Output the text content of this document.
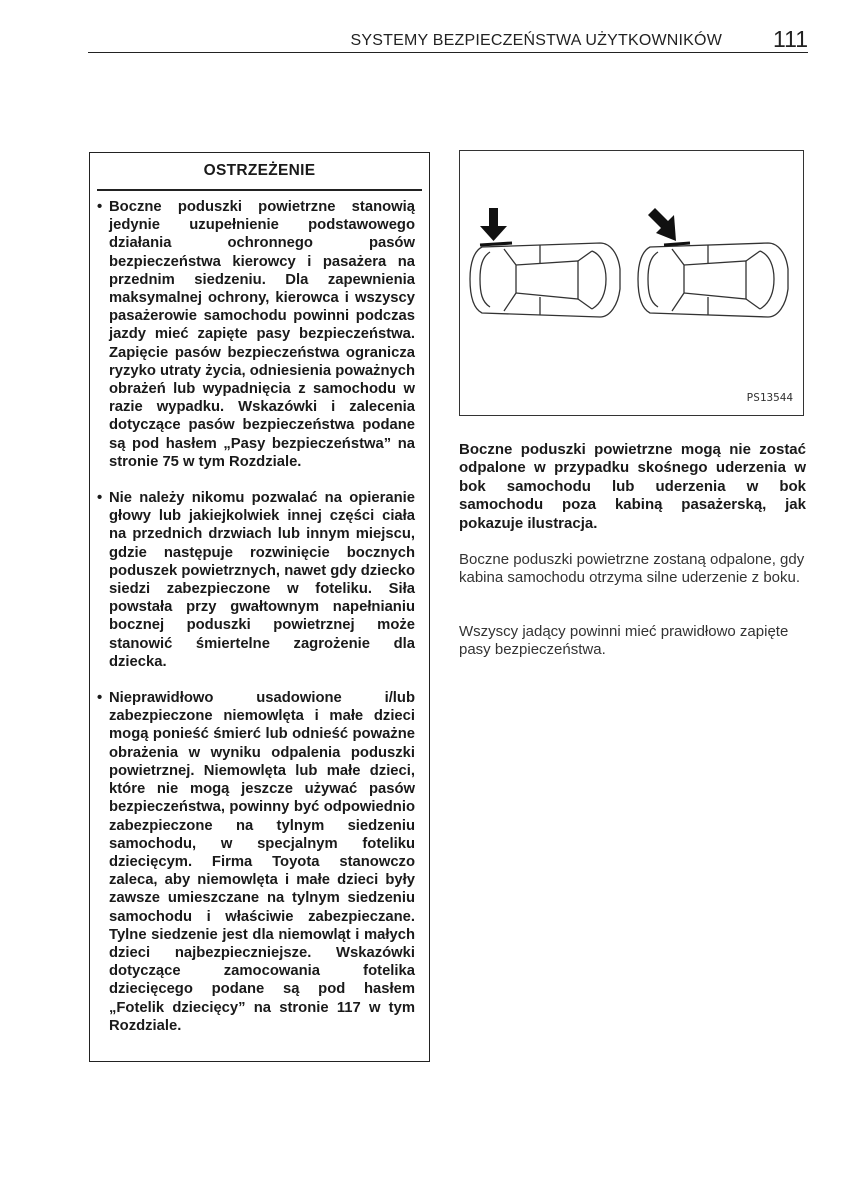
SYSTEMY BEZPIECZEŃSTWA UŻYTKOWNIKÓW 111
OSTRZEŻENIE
• Boczne poduszki powietrzne stanowią jedynie uzupełnienie podstawowego działania ochronnego pasów bezpieczeństwa kierowcy i pasażera na przednim siedzeniu. Dla zapewnienia maksymalnej ochrony, kierowca i wszyscy pasażerowie samochodu powinni podczas jazdy mieć zapięte pasy bezpieczeństwa. Zapięcie pasów bezpieczeństwa ogranicza ryzyko utraty życia, odniesienia poważnych obrażeń lub wypadnięcia z samochodu w razie wypadku. Wskazówki i zalecenia dotyczące pasów bezpieczeństwa podane są pod hasłem „Pasy bezpieczeństwa” na stronie 75 w tym Rozdziale.
• Nie należy nikomu pozwalać na opieranie głowy lub jakiejkolwiek innej części ciała na przednich drzwiach lub innym miejscu, gdzie następuje rozwinięcie bocznych poduszek powietrznych, nawet gdy dziecko siedzi zabezpieczone w foteliku. Siła powstała przy gwałtownym napełnianiu bocznej poduszki powietrznej może stanowić śmiertelne zagrożenie dla dziecka.
• Nieprawidłowo usadowione i/lub zabezpieczone niemowlęta i małe dzieci mogą ponieść śmierć lub odnieść poważne obrażenia w wyniku odpalenia poduszki powietrznej. Niemowlęta lub małe dzieci, które nie mogą jeszcze używać pasów bezpieczeństwa, powinny być odpowiednio zabezpieczone na tylnym siedzeniu samochodu, w specjalnym foteliku dziecięcym. Firma Toyota stanowczo zaleca, aby niemowlęta i małe dzieci były zawsze umieszczane na tylnym siedzeniu samochodu i właściwie zabezpieczane. Tylne siedzenie jest dla niemowląt i małych dzieci najbezpieczniejsze. Wskazówki dotyczące zamocowania fotelika dziecięcego podane są pod hasłem „Fotelik dziecięcy” na stronie 117 w tym Rozdziale.
PS13544
Boczne poduszki powietrzne mogą nie zostać odpalone w przypadku skośnego uderzenia w bok samochodu lub uderzenia w bok samochodu poza kabiną pasażerską, jak pokazuje ilustracja.
Boczne poduszki powietrzne zostaną odpalone, gdy kabina samochodu otrzyma silne uderzenie z boku.
Wszyscy jadący powinni mieć prawidłowo zapięte pasy bezpieczeństwa.
